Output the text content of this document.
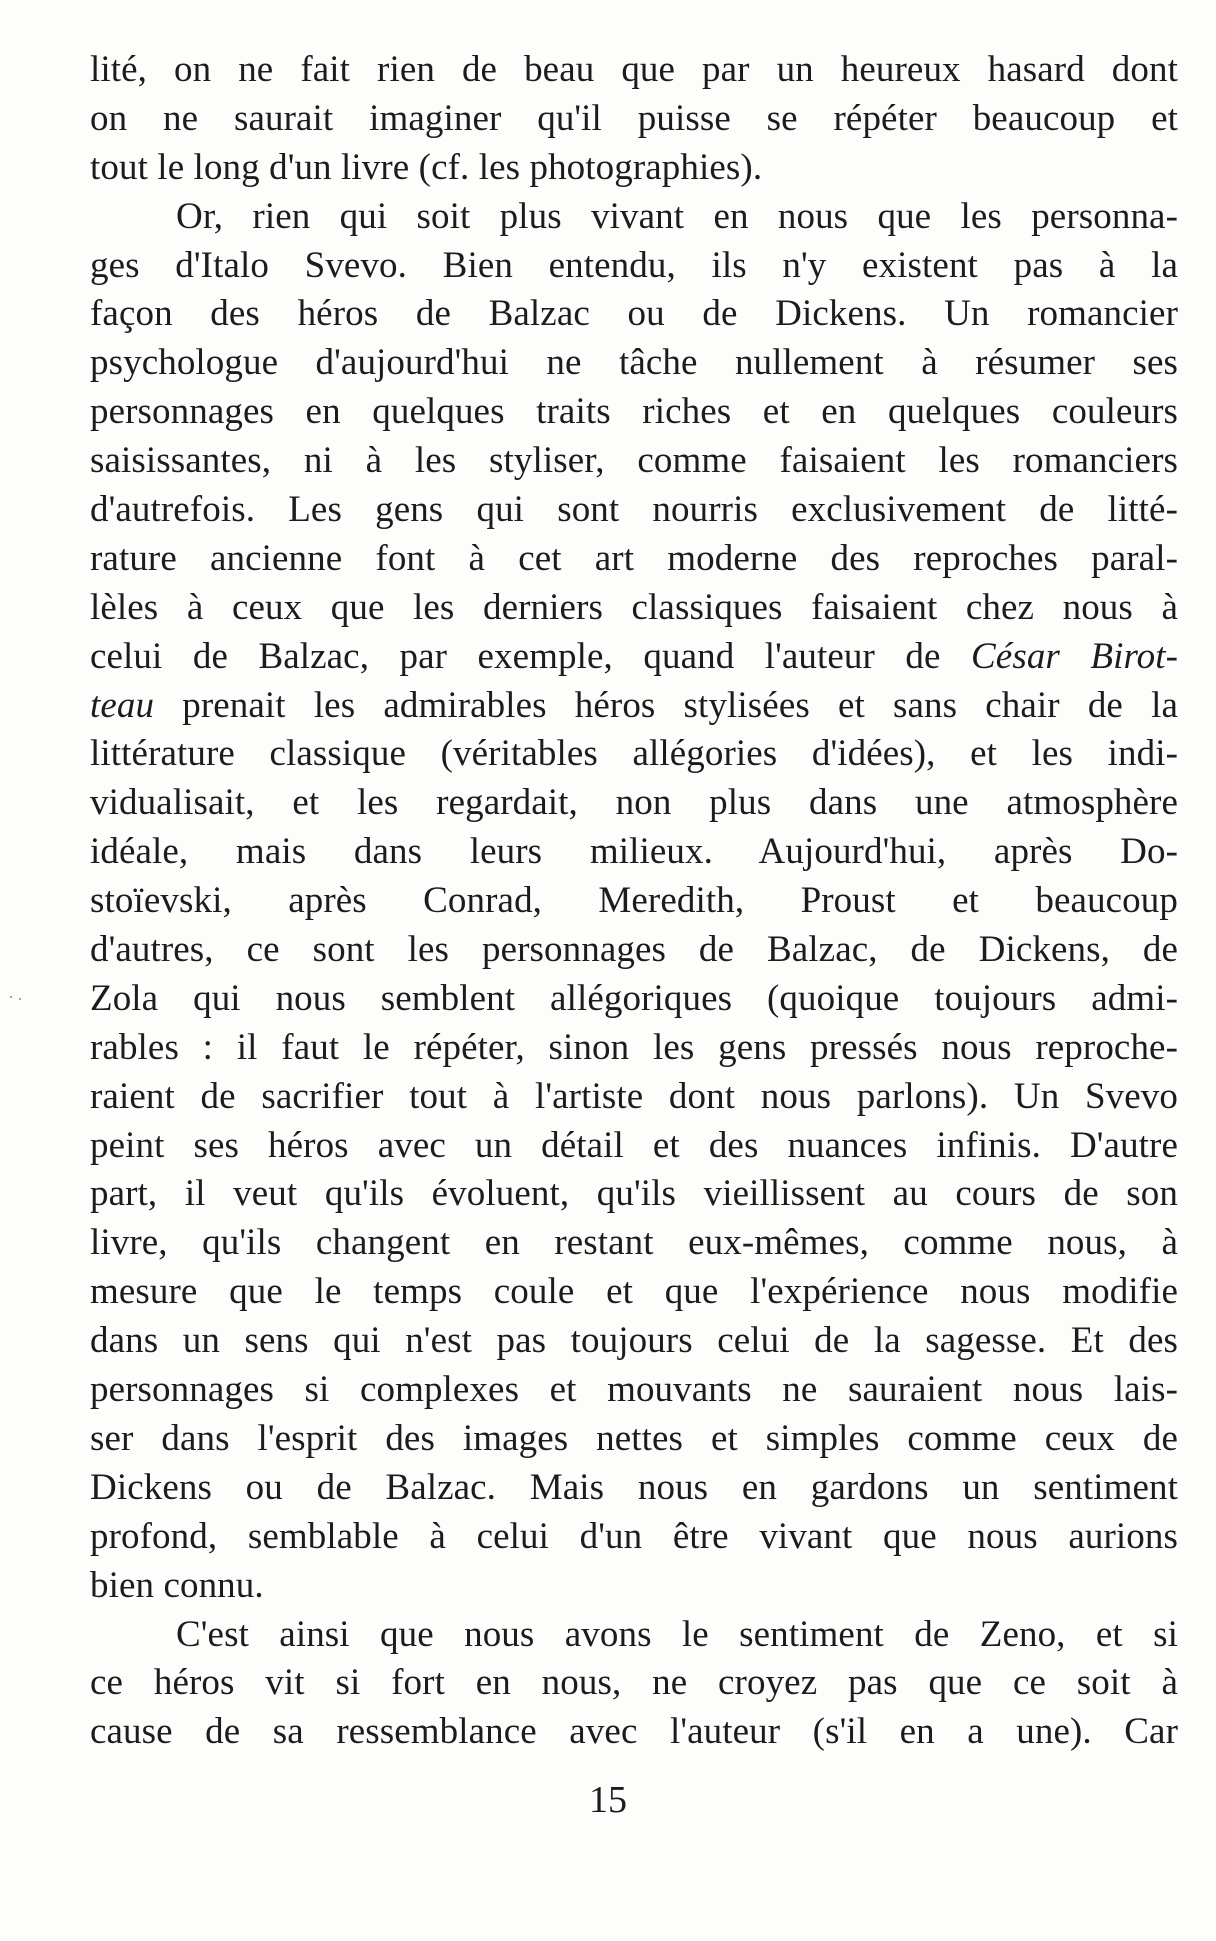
lité, on ne fait rien de beau que par un heureux hasard dont
on ne saurait imaginer qu'il puisse se répéter beaucoup et
tout le long d'un livre (cf. les photographies).
Or, rien qui soit plus vivant en nous que les personna-
ges d'Italo Svevo. Bien entendu, ils n'y existent pas à la
façon des héros de Balzac ou de Dickens. Un romancier
psychologue d'aujourd'hui ne tâche nullement à résumer ses
personnages en quelques traits riches et en quelques couleurs
saisissantes, ni à les styliser, comme faisaient les romanciers
d'autrefois. Les gens qui sont nourris exclusivement de litté-
rature ancienne font à cet art moderne des reproches paral-
lèles à ceux que les derniers classiques faisaient chez nous à
celui de Balzac, par exemple, quand l'auteur de César Birot-
teau prenait les admirables héros stylisées et sans chair de la
littérature classique (véritables allégories d'idées), et les indi-
vidualisait, et les regardait, non plus dans une atmosphère
idéale, mais dans leurs milieux. Aujourd'hui, après Do-
stoïevski, après Conrad, Meredith, Proust et beaucoup
d'autres, ce sont les personnages de Balzac, de Dickens, de
Zola qui nous semblent allégoriques (quoique toujours admi-
rables : il faut le répéter, sinon les gens pressés nous reproche-
raient de sacrifier tout à l'artiste dont nous parlons). Un Svevo
peint ses héros avec un détail et des nuances infinis. D'autre
part, il veut qu'ils évoluent, qu'ils vieillissent au cours de son
livre, qu'ils changent en restant eux-mêmes, comme nous, à
mesure que le temps coule et que l'expérience nous modifie
dans un sens qui n'est pas toujours celui de la sagesse. Et des
personnages si complexes et mouvants ne sauraient nous lais-
ser dans l'esprit des images nettes et simples comme ceux de
Dickens ou de Balzac. Mais nous en gardons un sentiment
profond, semblable à celui d'un être vivant que nous aurions
bien connu.
C'est ainsi que nous avons le sentiment de Zeno, et si
ce héros vit si fort en nous, ne croyez pas que ce soit à
cause de sa ressemblance avec l'auteur (s'il en a une). Car
15
